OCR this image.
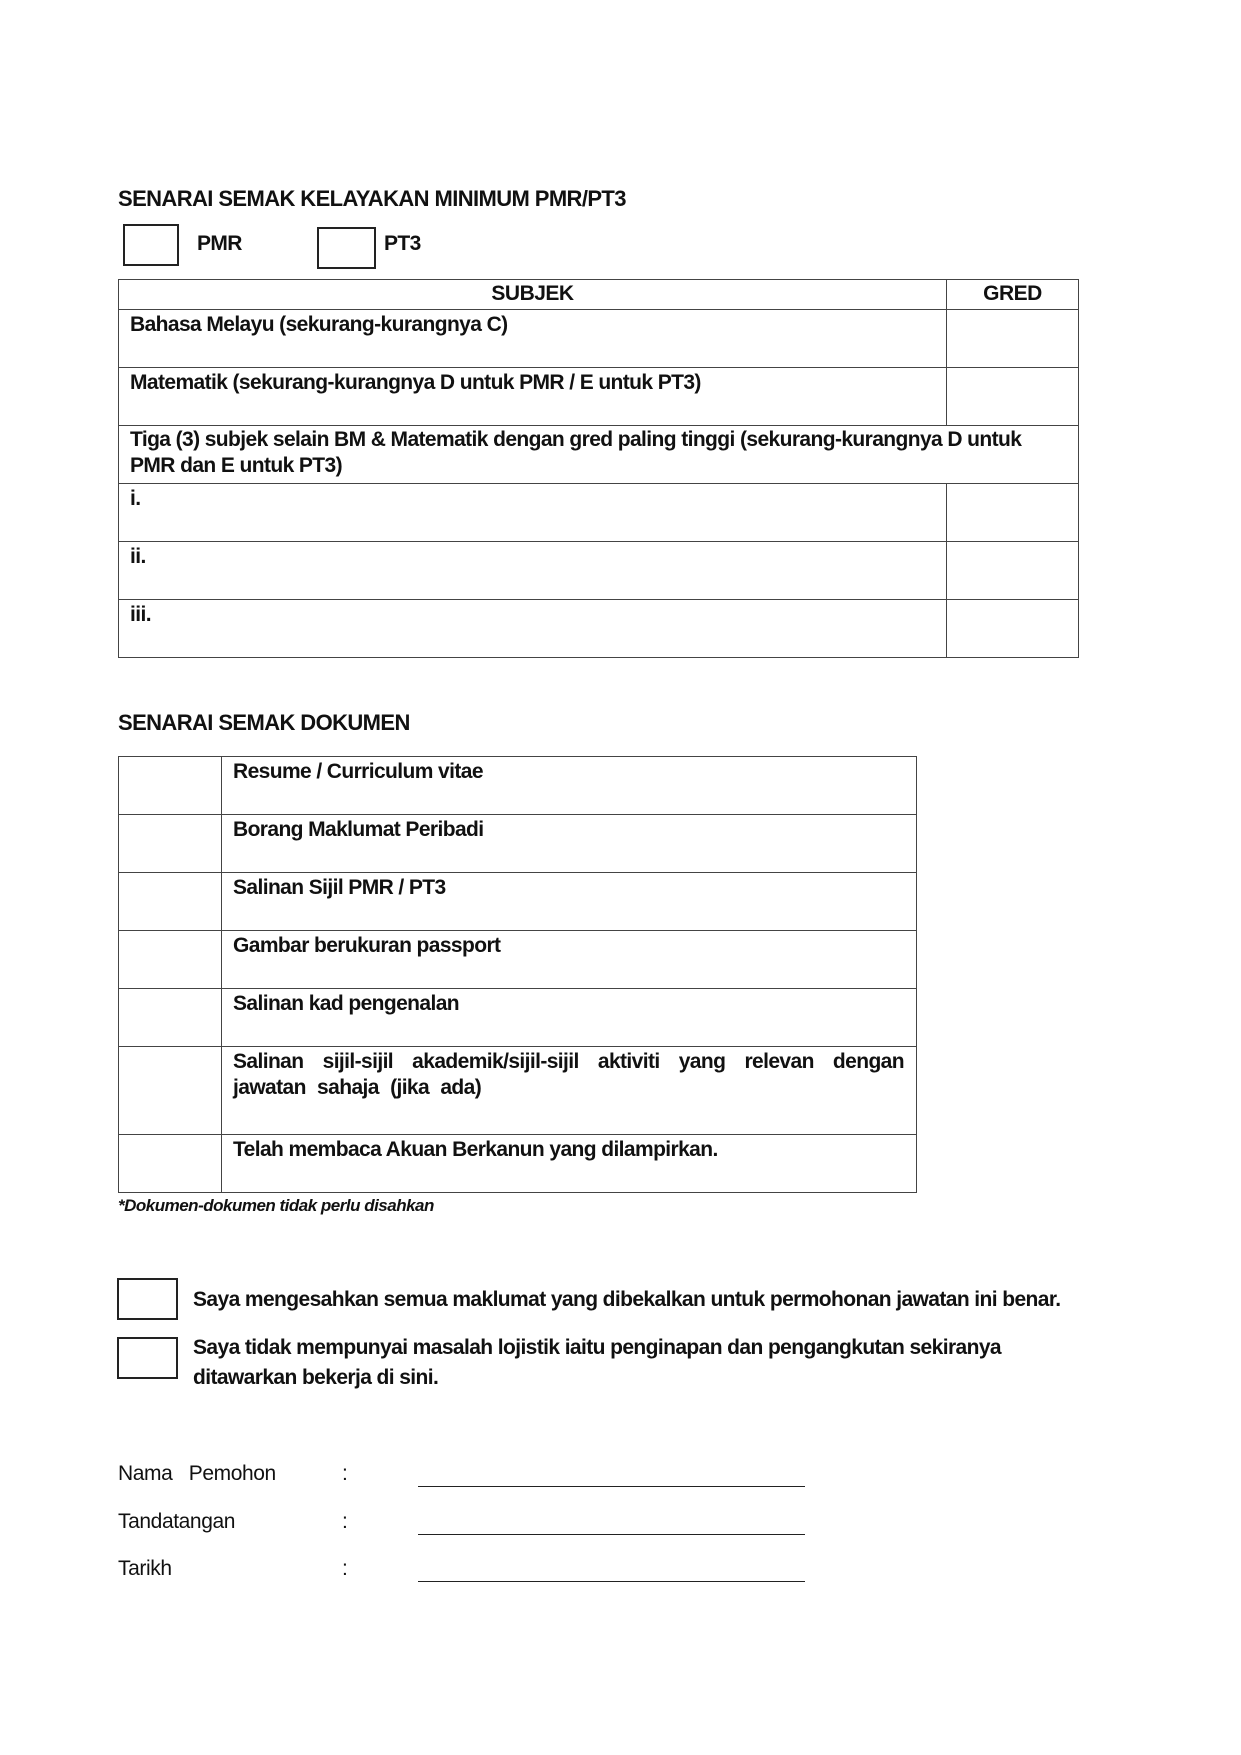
SENARAI SEMAK KELAYAKAN MINIMUM PMR/PT3
PMR	PT3
SUBJEK	GRED
Bahasa Melayu (sekurang-kurangnya C)	
Matematik (sekurang-kurangnya D untuk PMR / E untuk PT3)	
Tiga (3) subjek selain BM & Matematik dengan gred paling tinggi (sekurang-kurangnya D untuk PMR dan E untuk PT3)	
i.	
ii.	
iii.	
SENARAI SEMAK DOKUMEN
	Resume / Curriculum vitae
	Borang Maklumat Peribadi
	Salinan Sijil PMR / PT3
	Gambar berukuran passport
	Salinan kad pengenalan
	Salinan sijil-sijil akademik/sijil-sijil aktiviti yang relevan dengan jawatan sahaja (jika ada)
	Telah membaca Akuan Berkanun yang dilampirkan.
*Dokumen-dokumen tidak perlu disahkan
Saya mengesahkan semua maklumat yang dibekalkan untuk permohonan jawatan ini benar.
Saya tidak mempunyai masalah lojistik iaitu penginapan dan pengangkutan sekiranya
ditawarkan bekerja di sini.
Nama   Pemohon	:
Tandatangan	:
Tarikh	:
